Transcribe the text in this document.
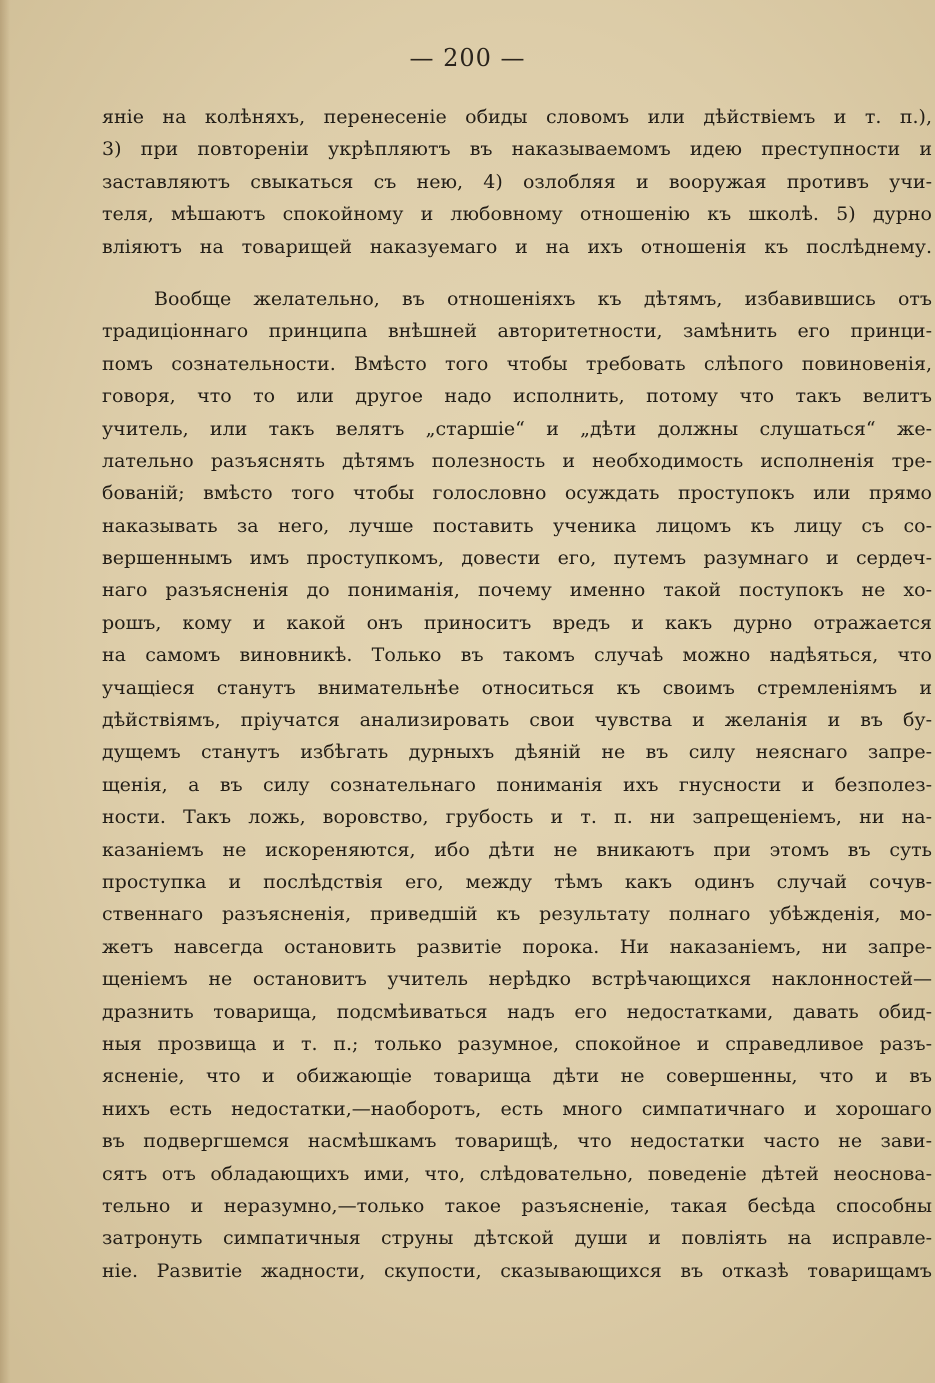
— 200 —
яніе на колѣняхъ, перенесеніе обиды словомъ или дѣйствіемъ и т. п.),
3) при повтореніи укрѣпляютъ въ наказываемомъ идею преступности и
заставляютъ свыкаться съ нею, 4) озлобляя и вооружая противъ учи-
теля, мѣшаютъ спокойному и любовному отношенію къ школѣ. 5) дурно
вліяютъ на товарищей наказуемаго и на ихъ отношенія къ послѣднему.
Вообще желательно, въ отношеніяхъ къ дѣтямъ, избавившись отъ
традиціоннаго принципа внѣшней авторитетности, замѣнить его принци-
помъ сознательности. Вмѣсто того чтобы требовать слѣпого повиновенія,
говоря, что то или другое надо исполнить, потому что такъ велитъ
учитель, или такъ велятъ „старшіе“ и „дѣти должны слушаться“ же-
лательно разъяснять дѣтямъ полезность и необходимость исполненія тре-
бованій; вмѣсто того чтобы голословно осуждать проступокъ или прямо
наказывать за него, лучше поставить ученика лицомъ къ лицу съ со-
вершеннымъ имъ проступкомъ, довести его, путемъ разумнаго и сердеч-
наго разъясненія до пониманія, почему именно такой поступокъ не хо-
рошъ, кому и какой онъ приноситъ вредъ и какъ дурно отражается
на самомъ виновникѣ. Только въ такомъ случаѣ можно надѣяться, что
учащіеся станутъ внимательнѣе относиться къ своимъ стремленіямъ и
дѣйствіямъ, пріучатся анализировать свои чувства и желанія и въ бу-
дущемъ станутъ избѣгать дурныхъ дѣяній не въ силу неяснаго запре-
щенія, а въ силу сознательнаго пониманія ихъ гнусности и безполез-
ности. Такъ ложь, воровство, грубость и т. п. ни запрещеніемъ, ни на-
казаніемъ не искореняются, ибо дѣти не вникаютъ при этомъ въ суть
проступка и послѣдствія его, между тѣмъ какъ одинъ случай сочув-
ственнаго разъясненія, приведшій къ результату полнаго убѣжденія, мо-
жетъ навсегда остановить развитіе порока. Ни наказаніемъ, ни запре-
щеніемъ не остановитъ учитель нерѣдко встрѣчающихся наклонностей—
дразнить товарища, подсмѣиваться надъ его недостатками, давать обид-
ныя прозвища и т. п.; только разумное, спокойное и справедливое разъ-
ясненіе, что и обижающіе товарища дѣти не совершенны, что и въ
нихъ есть недостатки,—наоборотъ, есть много симпатичнаго и хорошаго
въ подвергшемся насмѣшкамъ товарищѣ, что недостатки часто не зави-
сятъ отъ обладающихъ ими, что, слѣдовательно, поведеніе дѣтей неоснова-
тельно и неразумно,—только такое разъясненіе, такая бесѣда способны
затронуть симпатичныя струны дѣтской души и повліять на исправле-
ніе. Развитіе жадности, скупости, сказывающихся въ отказѣ товарищамъ
